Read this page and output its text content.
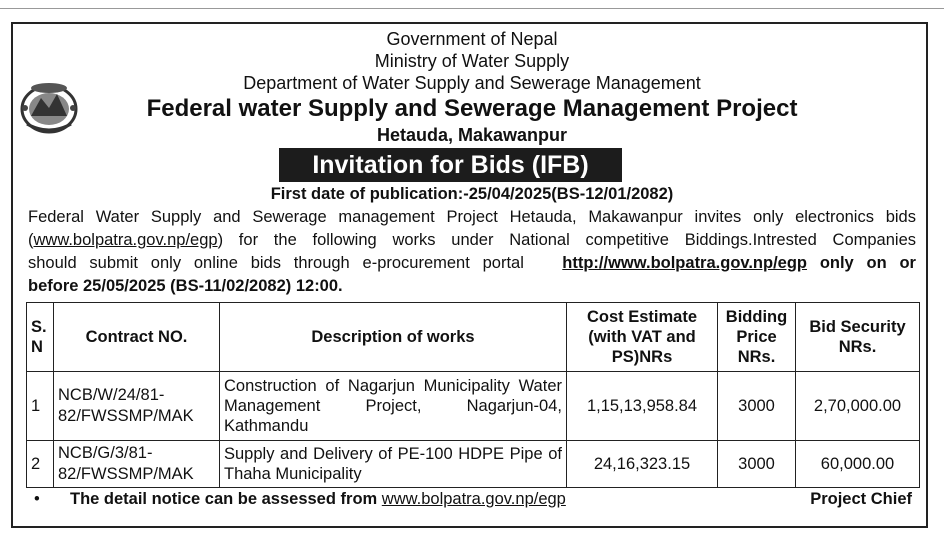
Government of Nepal
Ministry of Water Supply
Department of Water Supply and Sewerage Management
Federal water Supply and Sewerage Management Project
Hetauda, Makawanpur
Invitation for Bids (IFB)
First date of publication:-25/04/2025(BS-12/01/2082)
Federal Water Supply and Sewerage management Project Hetauda, Makawanpur invites only electronics bids
(www.bolpatra.gov.np/egp) for the following works under National competitive Biddings.Intrested Companies
should submit only online bids through e-procurement portal http://www.bolpatra.gov.np/egp only on or
before 25/05/2025 (BS-11/02/2082) 12:00.
S. N	Contract NO.	Description of works	Cost Estimate (with VAT and PS)NRs	Bidding Price NRs.	Bid Security NRs.
1	NCB/W/24/81-
82/FWSSMP/MAK	Construction of Nagarjun Municipality Water Management Project, Nagarjun-04, Kathmandu	1,15,13,958.84	3000	2,70,000.00
2	NCB/G/3/81-
82/FWSSMP/MAK	Supply and Delivery of PE-100 HDPE Pipe of Thaha Municipality	24,16,323.15	3000	60,000.00
• The detail notice can be assessed from www.bolpatra.gov.np/egp	Project Chief
